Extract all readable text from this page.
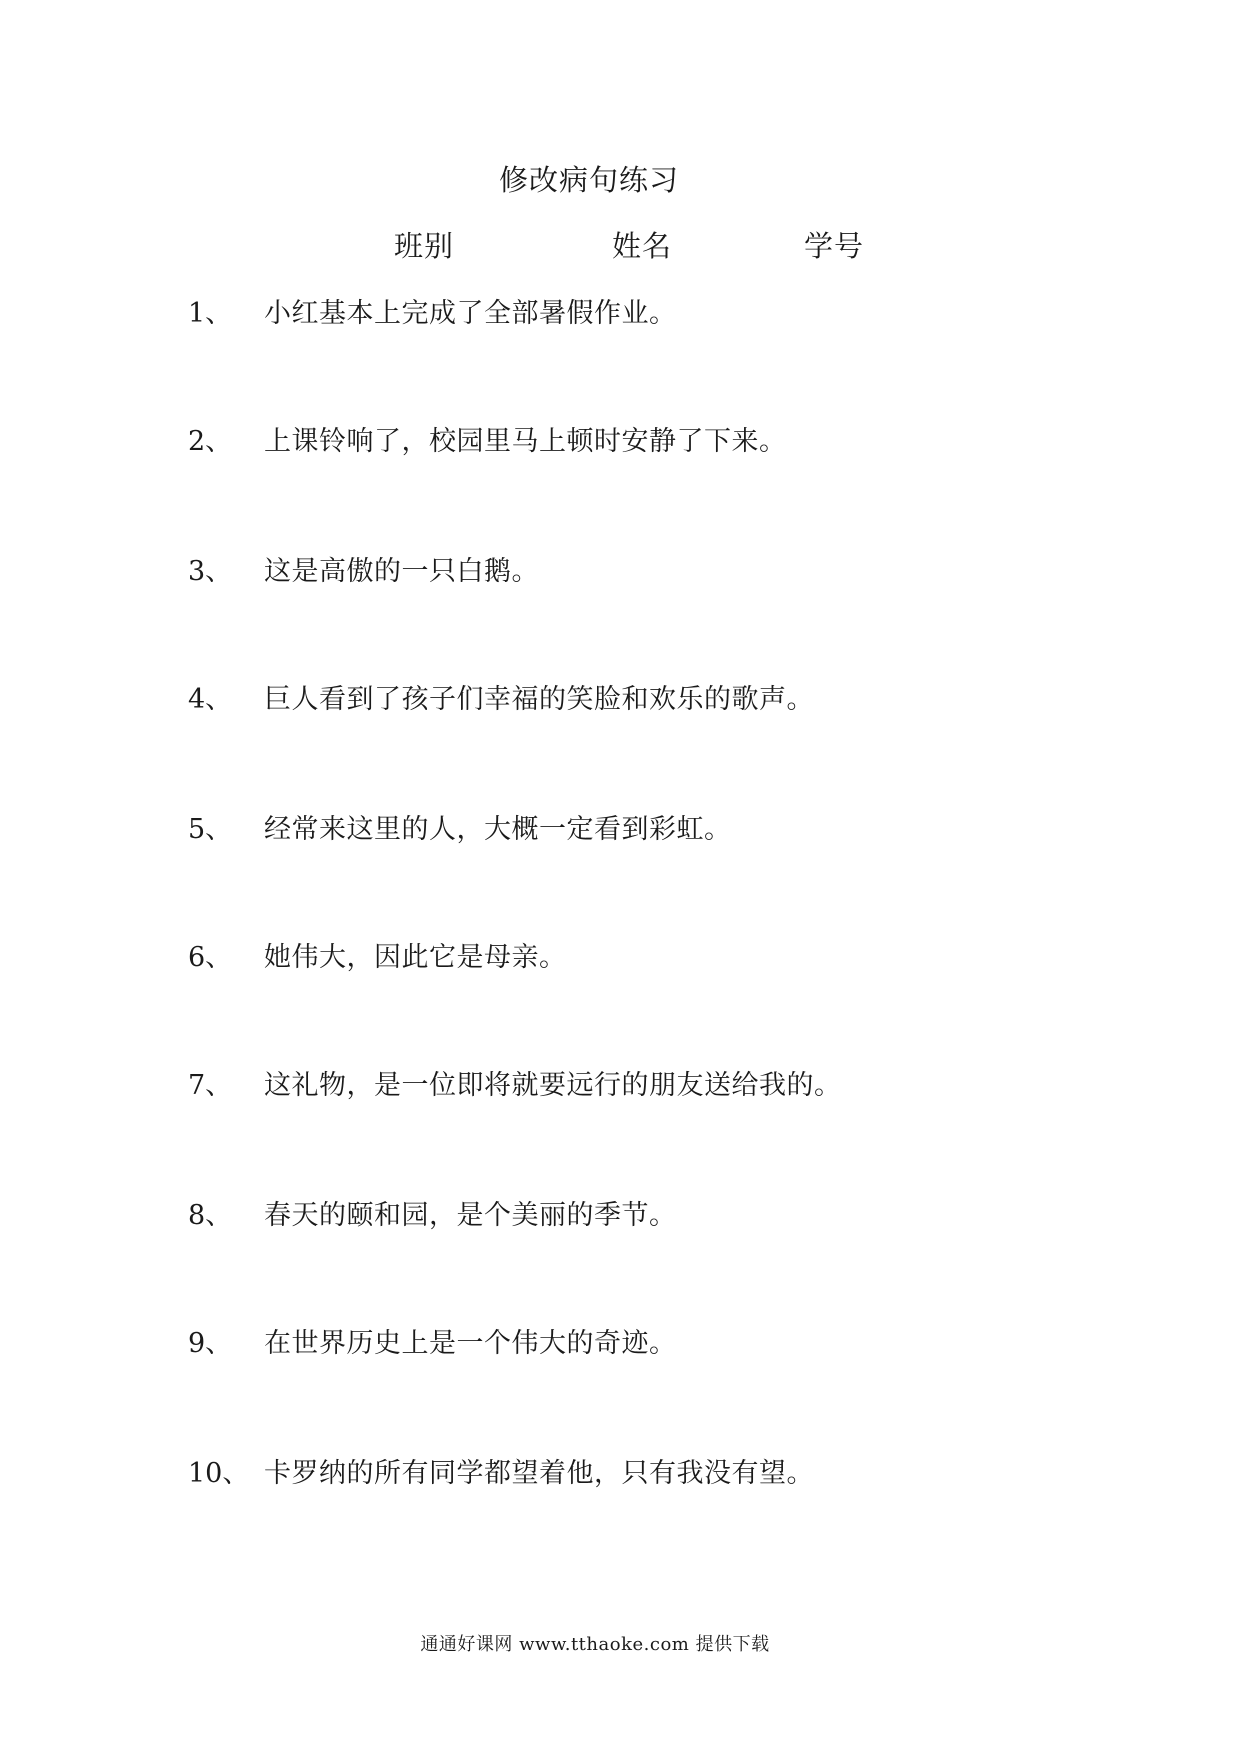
修改病句练习
班别	姓名	学号
1、 小红基本上完成了全部暑假作业。
2、 上课铃响了，校园里马上顿时安静了下来。
3、 这是高傲的一只白鹅。
4、 巨人看到了孩子们幸福的笑脸和欢乐的歌声。
5、 经常来这里的人，大概一定看到彩虹。
6、 她伟大，因此它是母亲。
7、 这礼物，是一位即将就要远行的朋友送给我的。
8、 春天的颐和园，是个美丽的季节。
9、 在世界历史上是一个伟大的奇迹。
10、 卡罗纳的所有同学都望着他，只有我没有望。
通通好课网 www.tthaoke.com 提供下载
